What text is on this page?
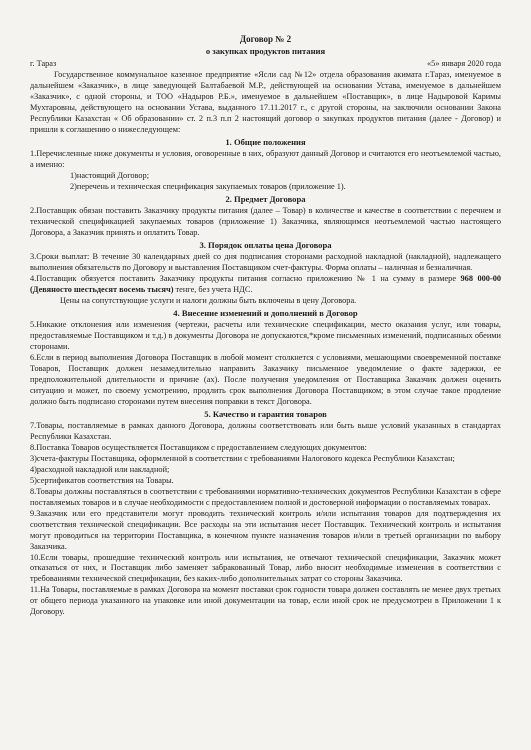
Договор № 2

о закупках продуктов питания

г. Тараз	«5» января 2020 года

Государственное коммунальное казенное предприятие «Ясли сад №12» отдела образования акимата г.Тараз, именуемое в дальнейшем «Заказчик», в лице заведующей Балтабаевой М.Р., действующей на основании Устава, именуемое в дальнейшем «Заказчик», с одной стороны, и ТОО «Надыров Р.Б.», именуемое в дальнейшем «Поставщик», в лице Надыровой Каримы Мухтаровны, действующего на основании Устава, выданного 17.11.2017 г., с другой стороны, на заключили основании Закона Республики Казахстан « Об образовании» ст. 2 п.3 п.п 2 настоящий договор о закупках продуктов питания (далее - Договор) и пришли к соглашению о нижеследующем:

1. Общие положения

1.Перечисленные ниже документы и условия, оговоренные в них, образуют данный Договор и считаются его неотъемлемой частью, а именно:

1)настоящий Договор;

2)перечень и техническая спецификация закупаемых товаров (приложение 1).

2. Предмет Договора

2.Поставщик обязан поставить Заказчику продукты питания (далее – Товар) в количестве и качестве в соответствии с перечнем и технической спецификацией закупаемых товаров (приложение 1) Заказчика, являющимся неотъемлемой частью настоящего Договора, а Заказчик принять и оплатить Товар.

3. Порядок оплаты цена Договора

3.Сроки выплат: В течение 30 календарных дней со дня подписания сторонами расходной накладной (накладной), надлежащего выполнения обязательств по Договору и выставления Поставщиком счет-фактуры. Форма оплаты – наличная и безналичная.

4.Поставщик обязуется поставить Заказчику продукты питания согласно приложению № 1 на сумму в размере 968 000-00 (Девяносто шестьдесят восемь тысяч) тенге, без учета НДС.

Цены на сопутствующие услуги и налоги должны быть включены в цену Договора.

4. Внесение изменений и дополнений в Договор

5.Никакие отклонения или изменения (чертежи, расчеты или технические спецификации, место оказания услуг, или товары, предоставляемые Поставщиком и т.д.) в документы Договора не допускаются,*кроме письменных изменений, подписанных обеими сторонами.

6.Если в период выполнения Договора Поставщик в любой момент столкнется с условиями, мешающими своевременной поставке Товаров, Поставщик должен незамедлительно направить Заказчику письменное уведомление о факте задержки, ее предположительной длительности и причине (ах). После получения уведомления от Поставщика Заказчик должен оценить ситуацию и может, по своему усмотрению, продлить срок выполнения Договора Поставщиком; в этом случае такое продление должно быть подписано сторонами путем внесения поправки в текст Договора.

5. Качество и гарантия товаров

7.Товары, поставляемые в рамках данного Договора, должны соответствовать или быть выше условий указанных в стандартах Республики Казахстан.

8.Поставка Товаров осуществляется Поставщиком с предоставлением следующих документов:

3)счета-фактуры Поставщика, оформленной в соответствии с требованиями Налогового кодекса Республики Казахстан;

4)расходной накладной или накладной;

5)сертификатов соответствия на Товары.

8.Товары должны поставляться в соответствии с требованиями нормативно-технических документов Республики Казахстан в сфере поставляемых товаров и в случае необходимости с предоставлением полной и достоверной информации о поставляемых товарах.

9.Заказчик или его представители могут проводить технический контроль и/или испытания товаров для подтверждения их соответствия технической спецификации. Все расходы на эти испытания несет Поставщик. Технический контроль и испытания могут проводиться на территории Поставщика, в конечном пункте назначения товаров и/или в третьей организации по выбору Заказчика.

10.Если товары, прошедшие технический контроль или испытания, не отвечают технической спецификации, Заказчик может отказаться от них, и Поставщик либо заменяет забракованный Товар, либо вносит необходимые изменения в соответствии с требованиями технической спецификации, без каких-либо дополнительных затрат со стороны Заказчика.

11.На Товары, поставляемые в рамках Договора на момент поставки срок годности товара должен составлять не менее двух третьих от общего периода указанного на упаковке или иной документации на товар, если иной срок не предусмотрен в Приложении 1 к Договору.
